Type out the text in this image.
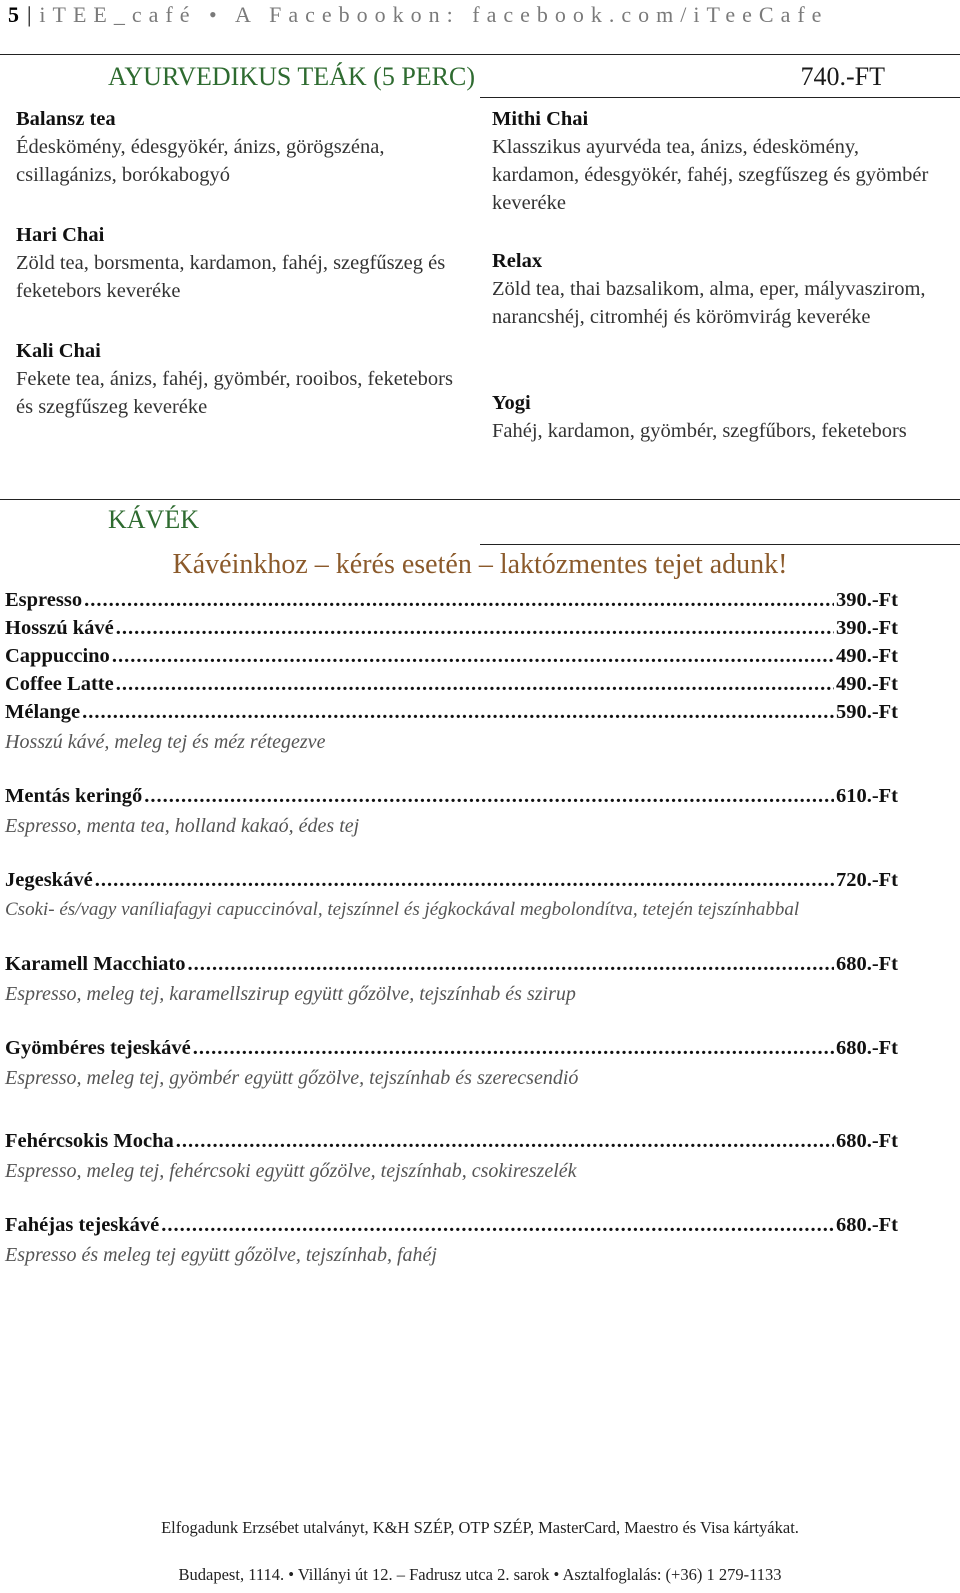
5 | iTEE_café • A Facebookon: facebook.com/iTeeCafe
AYURVEDIKUS TEÁK (5 PERC)	740.-FT
Balansz tea
Édeskömény, édesgyökér, ánizs, görögszéna, csillagánizs, borókabogyó
Hari Chai
Zöld tea, borsmenta, kardamon, fahéj, szegfűszeg és feketebors keveréke
Kali Chai
Fekete tea, ánizs, fahéj, gyömbér, rooibos, feketebors és szegfűszeg keveréke
Mithi Chai
Klasszikus ayurvéda tea, ánizs, édeskömény, kardamon, édesgyökér, fahéj, szegfűszeg és gyömbér keveréke
Relax
Zöld tea, thai bazsalikom, alma, eper, mályvaszirom, narancshéj, citromhéj és körömvirág keveréke
Yogi
Fahéj, kardamon, gyömbér, szegfűbors, feketebors
KÁVÉK
Kávéinkhoz – kérés esetén – laktózmentes tejet adunk!
Espresso .....	390.-Ft
Hosszú kávé .....	390.-Ft
Cappuccino .....	490.-Ft
Coffee Latte .....	490.-Ft
Mélange .....	590.-Ft
Hosszú kávé, meleg tej és méz rétegezve
Mentás keringő .....	610.-Ft
Espresso, menta tea, holland kakaó, édes tej
Jegeskávé .....	720.-Ft
Csoki- és/vagy vaníliafagyi capuccinóval, tejszínnel és jégkockával megbolondítva, tetején tejszínhabbal
Karamell Macchiato .....	680.-Ft
Espresso, meleg tej, karamellszirup együtt gőzölve, tejszínhab és szirup
Gyömbéres tejeskávé .....	680.-Ft
Espresso, meleg tej, gyömbér együtt gőzölve, tejszínhab és szerecsendió
Fehércsokis Mocha .....	680.-Ft
Espresso, meleg tej, fehércsoki együtt gőzölve, tejszínhab, csokireszelék
Fahéjas tejeskávé .....	680.-Ft
Espresso és meleg tej együtt gőzölve, tejszínhab, fahéj
Elfogadunk Erzsébet utalványt, K&H SZÉP, OTP SZÉP, MasterCard, Maestro és Visa kártyákat.
Budapest, 1114. • Villányi út 12. – Fadrusz utca 2. sarok • Asztalfoglalás: (+36) 1 279-1133
